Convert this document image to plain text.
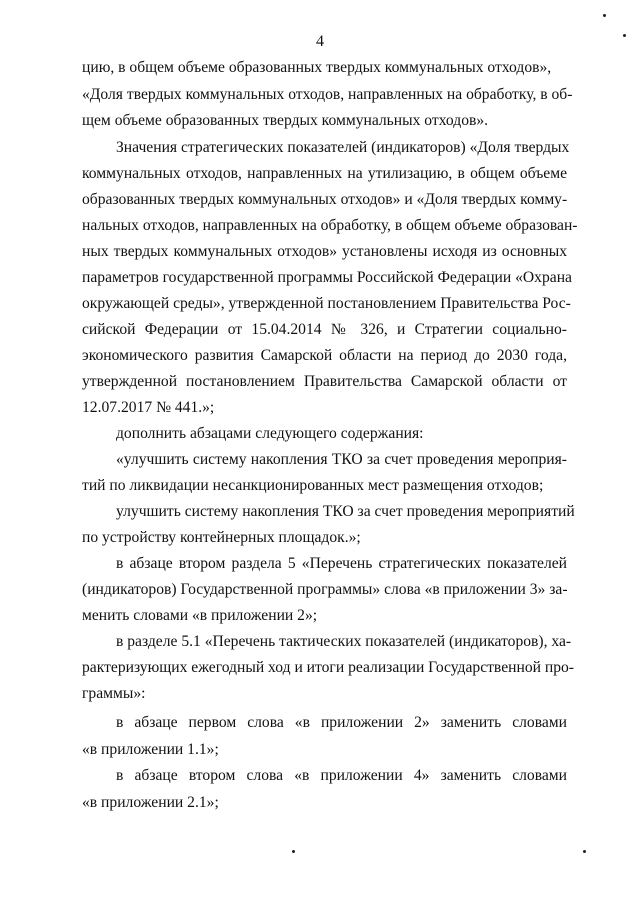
4
цию, в общем объеме образованных твердых коммунальных отходов»,
«Доля твердых коммунальных отходов, направленных на обработку, в об-
щем объеме образованных твердых коммунальных отходов».
Значения стратегических показателей (индикаторов) «Доля твердых
коммунальных отходов, направленных на утилизацию, в общем объеме
образованных твердых коммунальных отходов» и «Доля твердых комму-
нальных отходов, направленных на обработку, в общем объеме образован-
ных твердых коммунальных отходов» установлены исходя из основных
параметров государственной программы Российской Федерации «Охрана
окружающей среды», утвержденной постановлением Правительства Рос-
сийской Федерации от 15.04.2014 № 326, и Стратегии социально-
экономического развития Самарской области на период до 2030 года,
утвержденной постановлением Правительства Самарской области от
12.07.2017 № 441.»;
дополнить абзацами следующего содержания:
«улучшить систему накопления ТКО за счет проведения мероприя-
тий по ликвидации несанкционированных мест размещения отходов;
улучшить систему накопления ТКО за счет проведения мероприятий
по устройству контейнерных площадок.»;
в абзаце втором раздела 5 «Перечень стратегических показателей
(индикаторов) Государственной программы» слова «в приложении 3» за-
менить словами «в приложении 2»;
в разделе 5.1 «Перечень тактических показателей (индикаторов), ха-
рактеризующих ежегодный ход и итоги реализации Государственной про-
граммы»:
в абзаце первом слова «в приложении 2» заменить словами
«в приложении 1.1»;
в абзаце втором слова «в приложении 4» заменить словами
«в приложении 2.1»;
